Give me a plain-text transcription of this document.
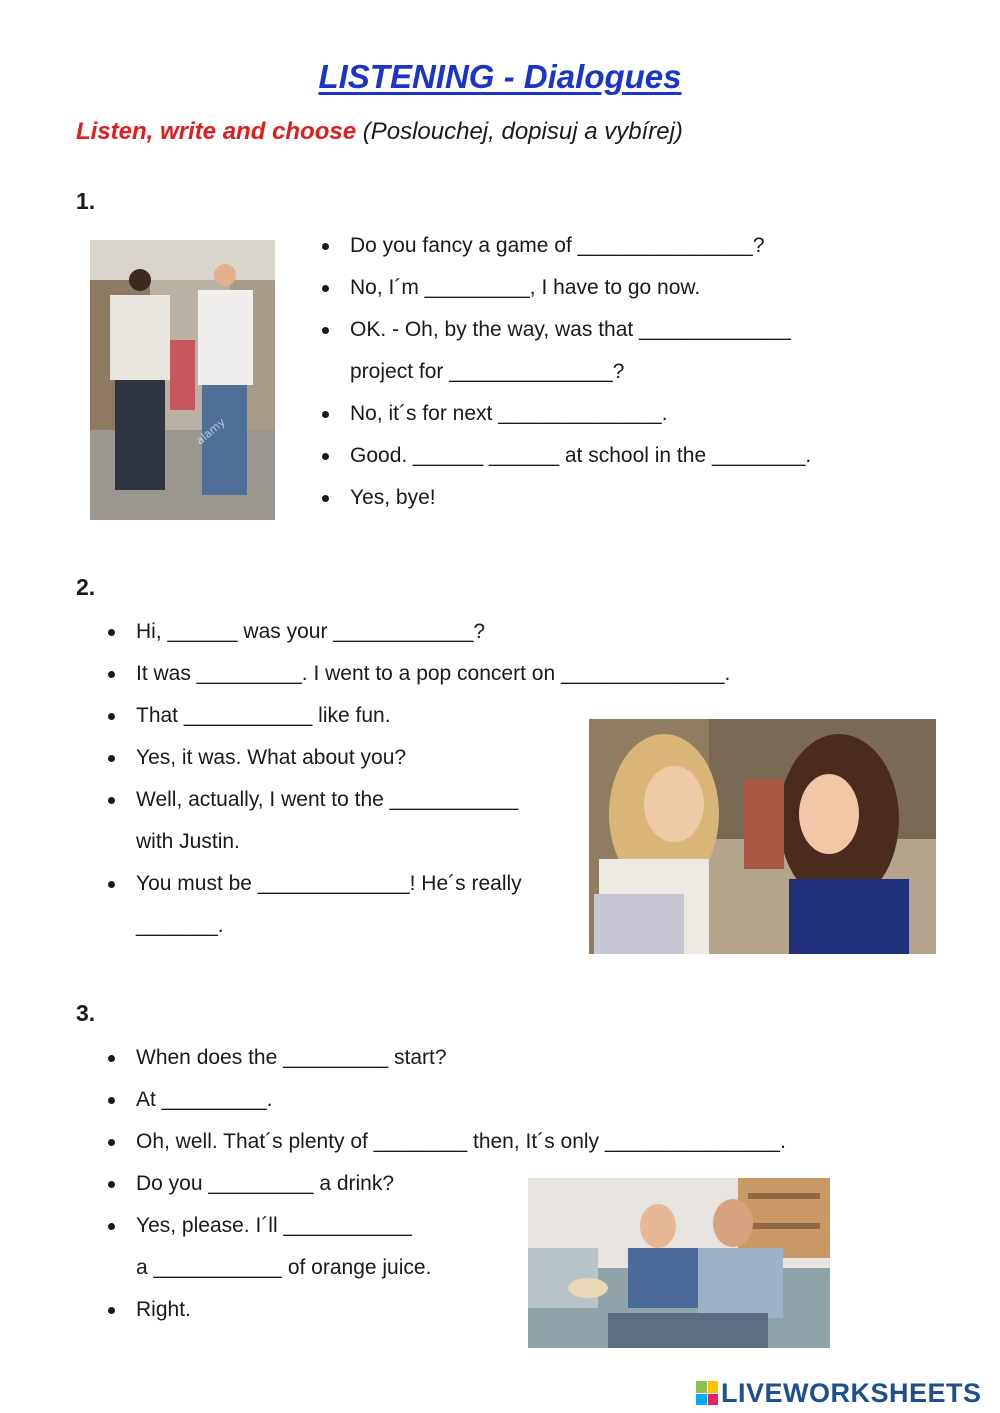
LISTENING - Dialogues
Listen, write and choose (Poslouchej, dopisuj a vybírej)
1.
alamy
Do you fancy a game of _______________?
No, I´m _________, I have to go now.
OK. - Oh, by the way, was that _____________
project for ______________?
No, it´s for next ______________.
Good. ______ ______ at school in the ________.
Yes, bye!
2.
Hi, ______ was your ____________?
It was _________. I went to a pop concert on ______________.
That ___________ like fun.
Yes, it was. What about you?
Well, actually, I went to the ___________
with Justin.
You must be _____________! He´s really
_______.
3.
When does the _________ start?
At _________.
Oh, well. That´s plenty of ________ then, It´s only _______________.
Do you _________ a drink?
Yes, please. I´ll ___________
a ___________ of orange juice.
Right.
LIVEWORKSHEETS
